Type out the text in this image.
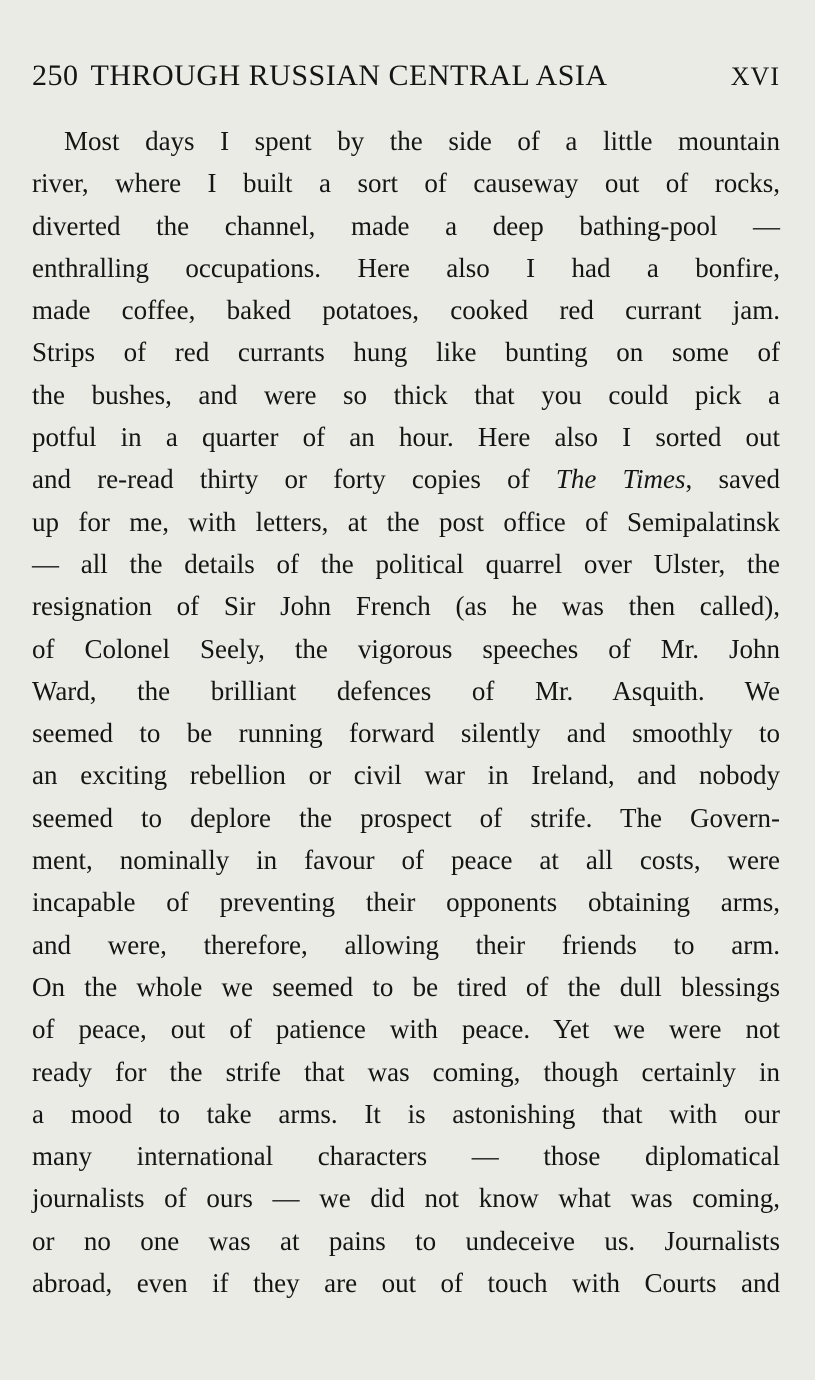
250 THROUGH RUSSIAN CENTRAL ASIA	XVI
Most days I spent by the side of a little mountain
river, where I built a sort of causeway out of rocks,
diverted the channel, made a deep bathing-pool —
enthralling occupations. Here also I had a bonfire,
made coffee, baked potatoes, cooked red currant jam.
Strips of red currants hung like bunting on some of
the bushes, and were so thick that you could pick a
potful in a quarter of an hour. Here also I sorted out
and re-read thirty or forty copies of The Times, saved
up for me, with letters, at the post office of Semipalatinsk
— all the details of the political quarrel over Ulster, the
resignation of Sir John French (as he was then called),
of Colonel Seely, the vigorous speeches of Mr. John
Ward, the brilliant defences of Mr. Asquith. We
seemed to be running forward silently and smoothly to
an exciting rebellion or civil war in Ireland, and nobody
seemed to deplore the prospect of strife. The Govern-
ment, nominally in favour of peace at all costs, were
incapable of preventing their opponents obtaining arms,
and were, therefore, allowing their friends to arm.
On the whole we seemed to be tired of the dull blessings
of peace, out of patience with peace. Yet we were not
ready for the strife that was coming, though certainly in
a mood to take arms. It is astonishing that with our
many international characters — those diplomatical
journalists of ours — we did not know what was coming,
or no one was at pains to undeceive us. Journalists
abroad, even if they are out of touch with Courts and
